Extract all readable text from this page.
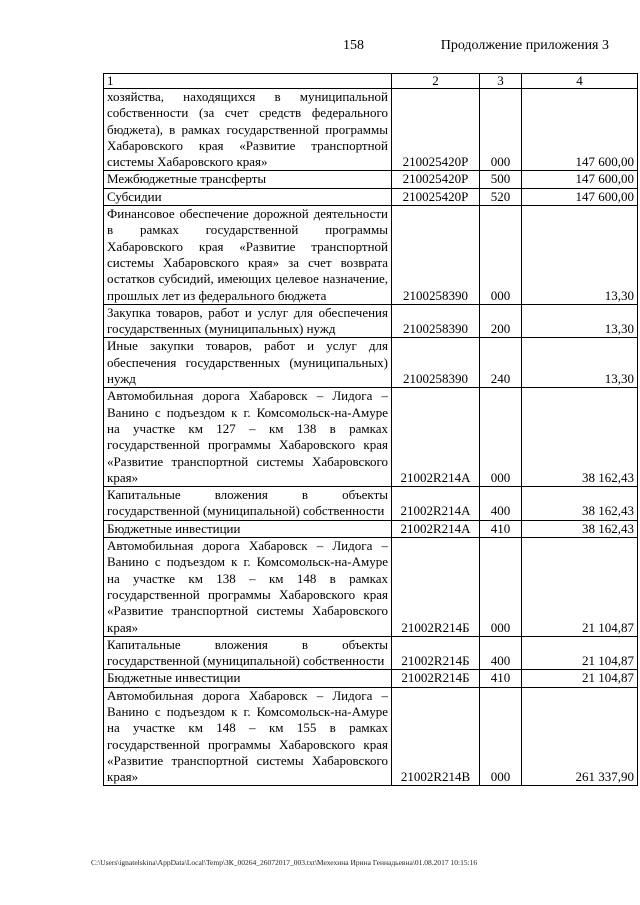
158	Продолжение приложения 3
1	2	3	4
хозяйства, находящихся в муниципальной собственности (за счет средств федерального бюджета), в рамках государственной программы Хабаровского края «Развитие транспортной системы Хабаровского края»	210025420Р	000	147 600,00
Межбюджетные трансферты	210025420Р	500	147 600,00
Субсидии	210025420Р	520	147 600,00
Финансовое обеспечение дорожной деятельности в рамках государственной программы Хабаровского края «Развитие транспортной системы Хабаровского края» за счет возврата остатков субсидий, имеющих целевое назначение, прошлых лет из федерального бюджета	2100258390	000	13,30
Закупка товаров, работ и услуг для обеспечения государственных (муниципальных) нужд	2100258390	200	13,30
Иные закупки товаров, работ и услуг для обеспечения государственных (муниципальных) нужд	2100258390	240	13,30
Автомобильная дорога Хабаровск – Лидога – Ванино с подъездом к г. Комсомольск-на-Амуре на участке км 127 – км 138 в рамках государственной программы Хабаровского края «Развитие транспортной системы Хабаровского края»	21002R214А	000	38 162,43
Капитальные вложения в объекты государственной (муниципальной) собственности	21002R214А	400	38 162,43
Бюджетные инвестиции	21002R214А	410	38 162,43
Автомобильная дорога Хабаровск – Лидога – Ванино с подъездом к г. Комсомольск-на-Амуре на участке км 138 – км 148 в рамках государственной программы Хабаровского края «Развитие транспортной системы Хабаровского края»	21002R214Б	000	21 104,87
Капитальные вложения в объекты государственной (муниципальной) собственности	21002R214Б	400	21 104,87
Бюджетные инвестиции	21002R214Б	410	21 104,87
Автомобильная дорога Хабаровск – Лидога – Ванино с подъездом к г. Комсомольск-на-Амуре на участке км 148 – км 155 в рамках государственной программы Хабаровского края «Развитие транспортной системы Хабаровского края»	21002R214В	000	261 337,90
C:\Users\ignatelskina\AppData\Local\Temp\ЗК_00264_26072017_003.txt\Мехехина Ирина Геннадьевна\01.08.2017 10:15:16
